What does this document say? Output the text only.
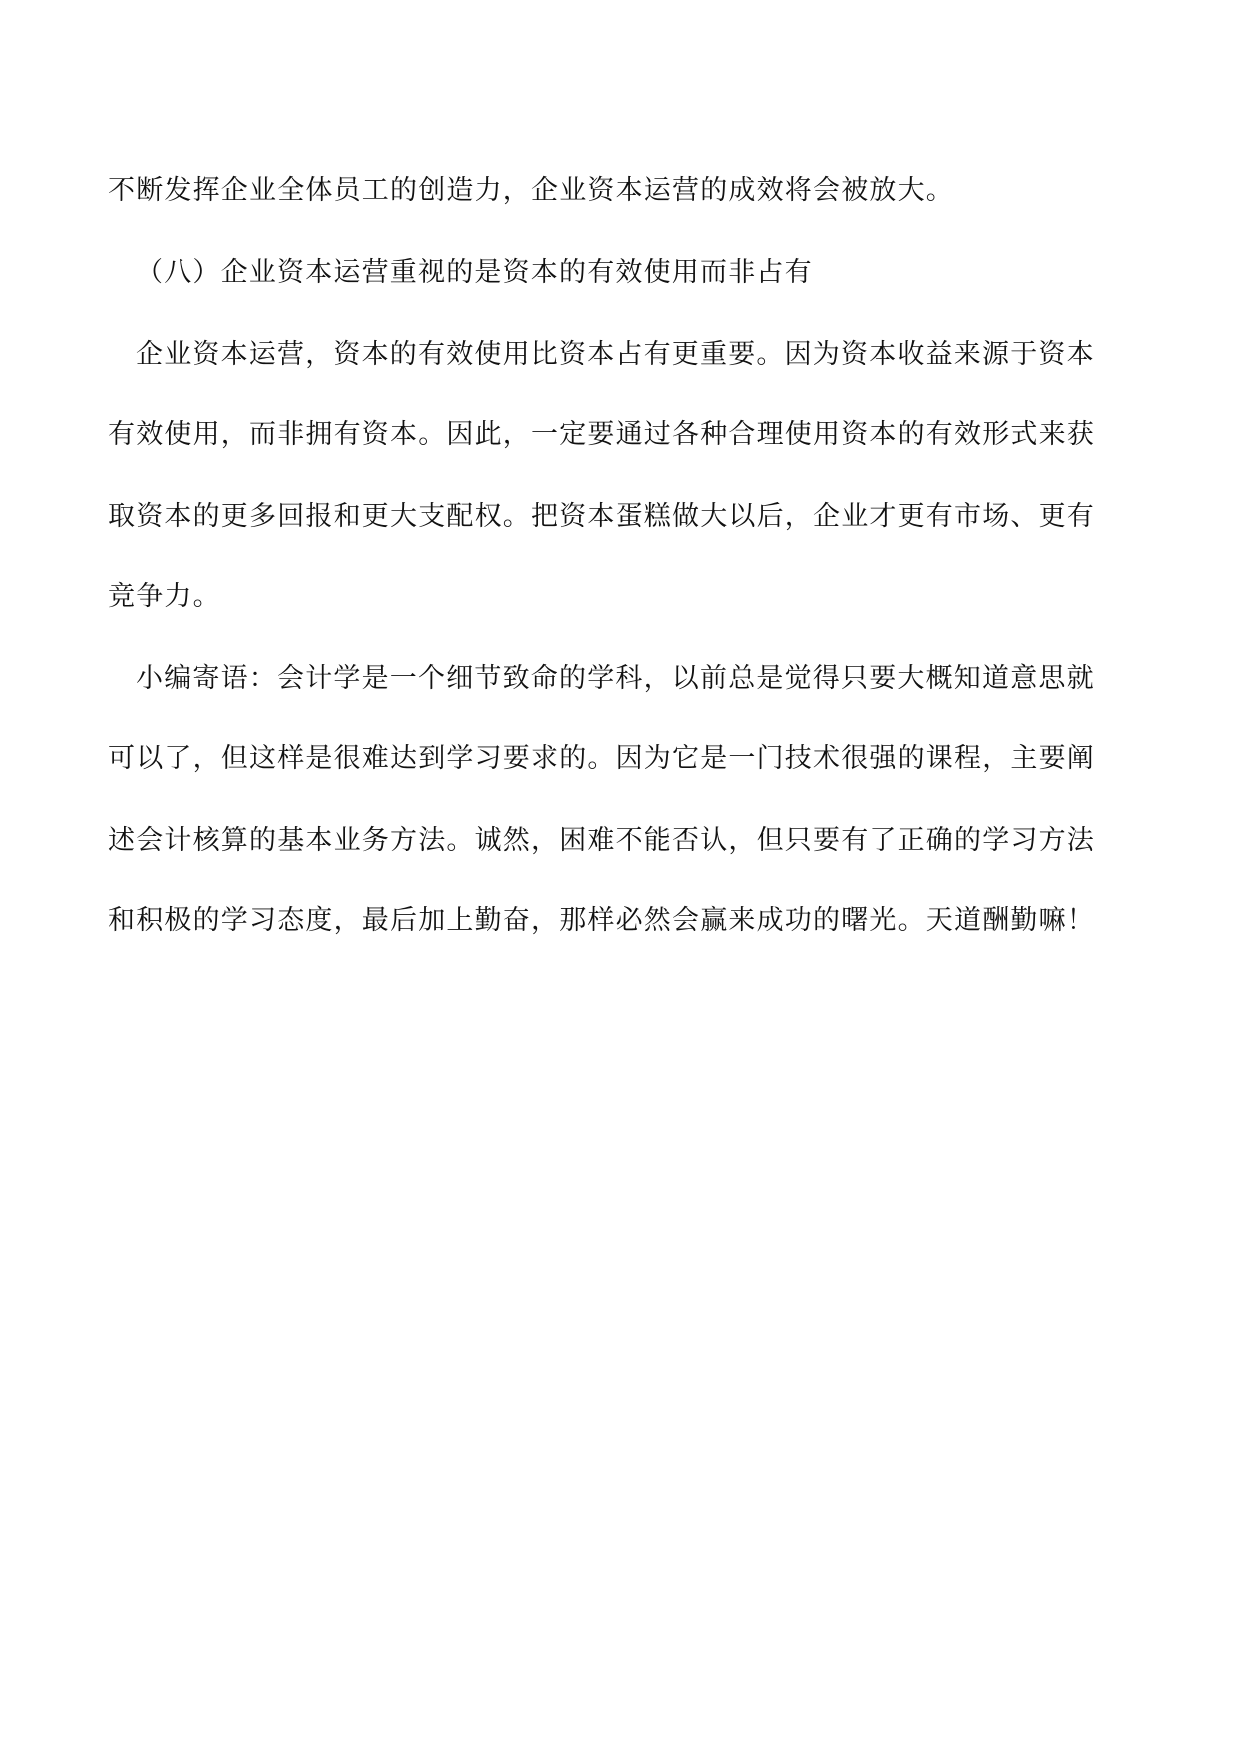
不断发挥企业全体员工的创造力，企业资本运营的成效将会被放大。
（八）企业资本运营重视的是资本的有效使用而非占有
企业资本运营，资本的有效使用比资本占有更重要。因为资本收益来源于资本
有效使用，而非拥有资本。因此，一定要通过各种合理使用资本的有效形式来获
取资本的更多回报和更大支配权。把资本蛋糕做大以后，企业才更有市场、更有
竞争力。
小编寄语：会计学是一个细节致命的学科，以前总是觉得只要大概知道意思就
可以了，但这样是很难达到学习要求的。因为它是一门技术很强的课程，主要阐
述会计核算的基本业务方法。诚然，困难不能否认，但只要有了正确的学习方法
和积极的学习态度，最后加上勤奋，那样必然会赢来成功的曙光。天道酬勤嘛！
